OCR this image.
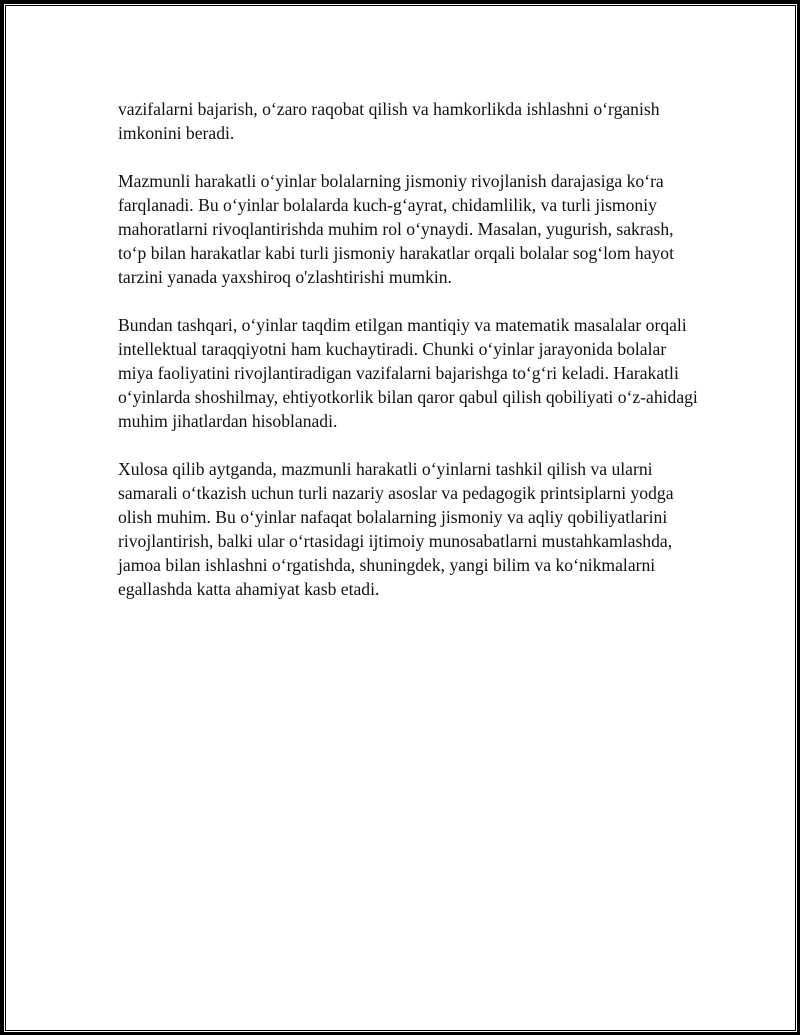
vazifalarni bajarish, o‘zaro raqobat qilish va hamkorlikda ishlashni o‘rganish imkonini beradi.

Mazmunli harakatli o‘yinlar bolalarning jismoniy rivojlanish darajasiga ko‘ra farqlanadi. Bu o‘yinlar bolalarda kuch-g‘ayrat, chidamlilik, va turli jismoniy mahoratlarni rivoqlantirishda muhim rol o‘ynaydi. Masalan, yugurish, sakrash, to‘p bilan harakatlar kabi turli jismoniy harakatlar orqali bolalar sog‘lom hayot tarzini yanada yaxshiroq o'zlashtirishi mumkin.

Bundan tashqari, o‘yinlar taqdim etilgan mantiqiy va matematik masalalar orqali intellektual taraqqiyotni ham kuchaytiradi. Chunki o‘yinlar jarayonida bolalar miya faoliyatini rivojlantiradigan vazifalarni bajarishga to‘g‘ri keladi. Harakatli o‘yinlarda shoshilmay, ehtiyotkorlik bilan qaror qabul qilish qobiliyati o‘z-ahidagi muhim jihatlardan hisoblanadi.

Xulosa qilib aytganda, mazmunli harakatli o‘yinlarni tashkil qilish va ularni samarali o‘tkazish uchun turli nazariy asoslar va pedagogik printsiplarni yodga olish muhim. Bu o‘yinlar nafaqat bolalarning jismoniy va aqliy qobiliyatlarini rivojlantirish, balki ular o‘rtasidagi ijtimoiy munosabatlarni mustahkamlashda, jamoa bilan ishlashni o‘rgatishda, shuningdek, yangi bilim va ko‘nikmalarni egallashda katta ahamiyat kasb etadi.
